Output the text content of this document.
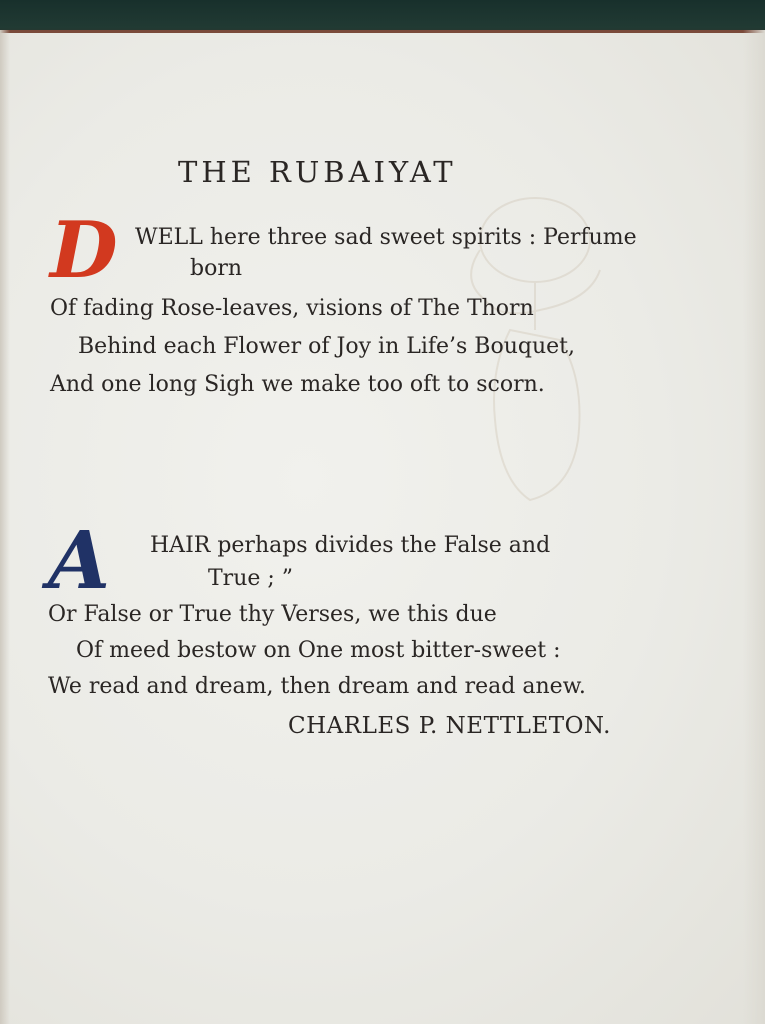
THE RUBAIYAT
D WELL here three sad sweet spirits : Perfume
born
Of fading Rose-leaves, visions of The Thorn
Behind each Flower of Joy in Life’s Bouquet,
And one long Sigh we make too oft to scorn.
A HAIR perhaps divides the False and
True ; ”
Or False or True thy Verses, we this due
Of meed bestow on One most bitter-sweet :
We read and dream, then dream and read anew.
CHARLES P. NETTLETON.
